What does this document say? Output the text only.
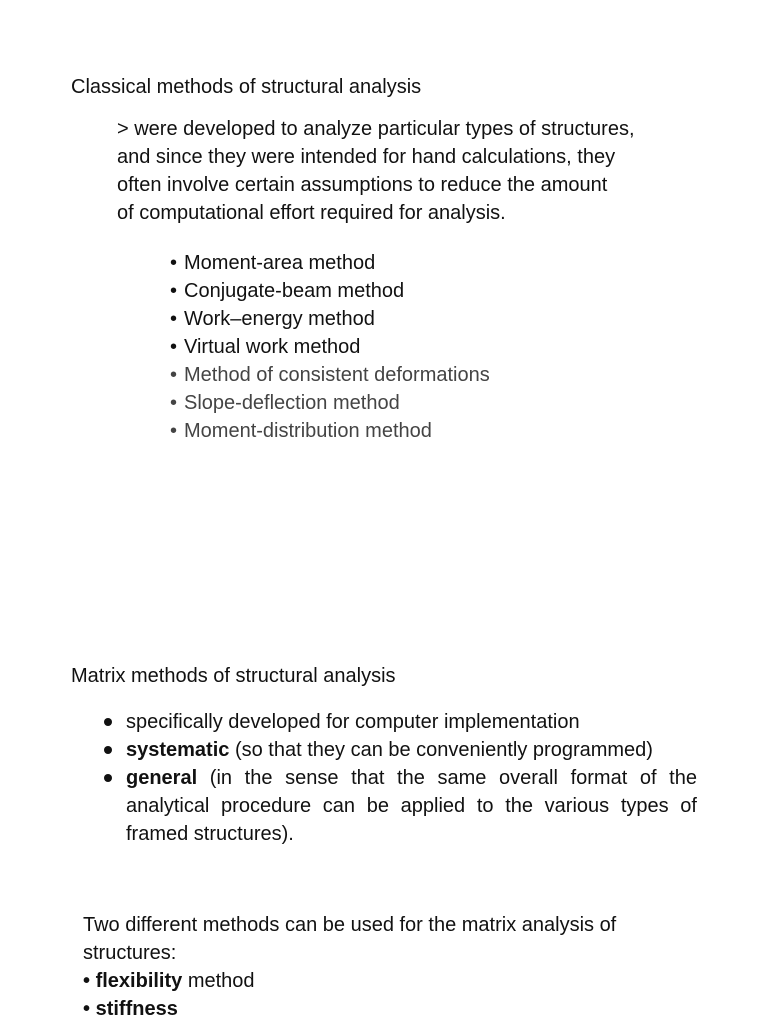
Classical methods of structural analysis
> were developed to analyze particular types of structures,
and since they were intended for hand calculations, they
often involve certain assumptions to reduce the amount
of computational effort required for analysis.
• Moment-area method
• Conjugate-beam method
• Work–energy method
• Virtual work method
• Method of consistent deformations
• Slope-deflection method
• Moment-distribution method
Matrix methods of structural analysis
specifically developed for computer implementation
systematic (so that they can be conveniently programmed)
general (in the sense that the same overall format of the analytical procedure can be applied to the various types of framed structures).
Two different methods can be used for the matrix analysis of
structures:
• flexibility method
• stiffness
